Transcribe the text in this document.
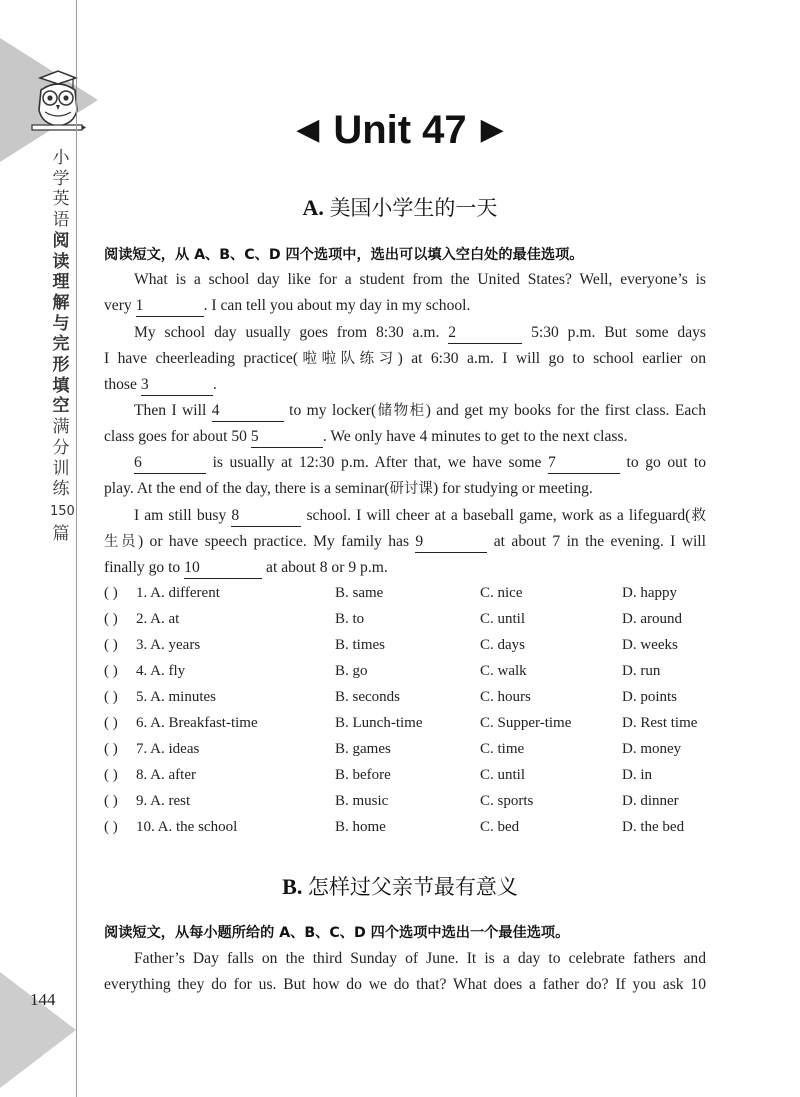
小
学
英
语
阅
读
理
解
与
完
形
填
空
满
分
训
练
150
篇
144
◀ Unit 47 ▶
A. 美国小学生的一天
阅读短文，从 A、B、C、D 四个选项中，选出可以填入空白处的最佳选项。
What is a school day like for a student from the United States? Well, everyone’s is
very 1	. I can tell you about my day in my school.
My school day usually goes from 8:30 a.m. 2	5:30 p.m. But some days
I have cheerleading practice(啦啦队练习) at 6:30 a.m. I will go to school earlier on
those 3	.
Then I will 4	to my locker(储物柜) and get my books for the first class. Each
class goes for about 50 5	. We only have 4 minutes to get to the next class.
6	is usually at 12:30 p.m. After that, we have some 7	to go out to
play. At the end of the day, there is a seminar(研讨课) for studying or meeting.
I am still busy 8	school. I will cheer at a baseball game, work as a lifeguard(救
生员) or have speech practice. My family has 9	at about 7 in the evening. I will
finally go to 10	at about 8 or 9 p.m.
( ) 1. A. different	B. same	C. nice	D. happy
( ) 2. A. at	B. to	C. until	D. around
( ) 3. A. years	B. times	C. days	D. weeks
( ) 4. A. fly	B. go	C. walk	D. run
( ) 5. A. minutes	B. seconds	C. hours	D. points
( ) 6. A. Breakfast-time	B. Lunch-time	C. Supper-time	D. Rest time
( ) 7. A. ideas	B. games	C. time	D. money
( ) 8. A. after	B. before	C. until	D. in
( ) 9. A. rest	B. music	C. sports	D. dinner
( ) 10. A. the school	B. home	C. bed	D. the bed
B. 怎样过父亲节最有意义
阅读短文，从每小题所给的 A、B、C、D 四个选项中选出一个最佳选项。
Father’s Day falls on the third Sunday of June. It is a day to celebrate fathers and
everything they do for us. But how do we do that? What does a father do? If you ask 10
